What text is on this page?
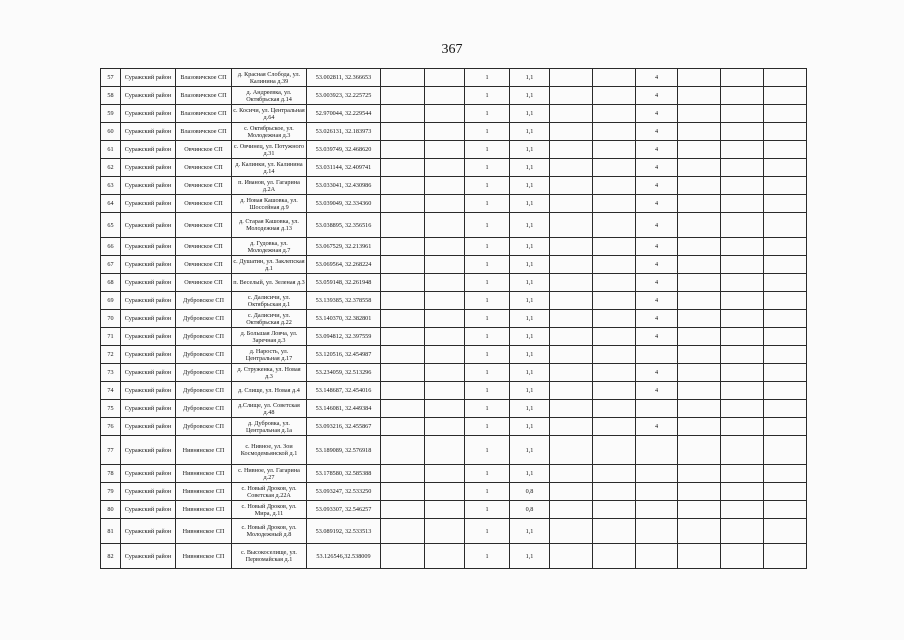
367
57	Суражский район	Влазовичское СП	д. Красная Слобода, ул. Калинина д.39	53.002811, 32.366653			1	1,1			4			
58	Суражский район	Влазовичское СП	д. Андреевка, ул. Октябрьская д.14	53.003923, 32.225725			1	1,1			4			
59	Суражский район	Влазовичское СП	с. Косичи, ул. Центральная д.64	52.970044, 32.229544			1	1,1			4			
60	Суражский район	Влазовичское СП	с. Октябрьское, ул. Молодежная д.3	53.026131, 32.183973			1	1,1			4			
61	Суражский район	Овчинское СП	с. Овчинец, ул. Потужного д.31	53.039749, 32.468620			1	1,1			4			
62	Суражский район	Овчинское СП	д. Калинки, ул. Калинина д.14	53.031144, 32.409741			1	1,1			4			
63	Суражский район	Овчинское СП	п. Иванов, ул. Гагарина д.2А	53.033041, 32.430986			1	1,1			4			
64	Суражский район	Овчинское СП	д. Новая Кашовка, ул. Шоссейная д.9	53.039049, 32.334360			1	1,1			4			
65	Суражский район	Овчинское СП	д. Старая Кашовка, ул. Молодежная д.13	53.038895, 32.356516			1	1,1			4			
66	Суражский район	Овчинское СП	д. Гудовка, ул. Молодежная д.7	53.067529, 32.213961			1	1,1			4			
67	Суражский район	Овчинское СП	с. Душатин, ул. Заклепская д.1	53.069564, 32.268224			1	1,1			4			
68	Суражский район	Овчинское СП	п. Веселый, ул. Зеленая д.3	53.059148, 32.261948			1	1,1			4			
69	Суражский район	Дубровское СП	с. Далисичи, ул. Октябрьская д.1	53.139385, 32.378558			1	1,1			4			
70	Суражский район	Дубровское СП	с. Далисичи, ул. Октябрьская д.22	53.140370, 32.382801			1	1,1			4			
71	Суражский район	Дубровское СП	д. Большая Ловча, ул. Заречная д.3	53.094812, 32.397559			1	1,1			4			
72	Суражский район	Дубровское СП	д. Нарость, ул. Центральная д.17	53.120516, 32.454987			1	1,1						
73	Суражский район	Дубровское СП	д. Струженка, ул. Новая д.3	53.234059, 32.513296			1	1,1			4			
74	Суражский район	Дубровское СП	д. Слище, ул. Новая д.4	53.148687, 32.454016			1	1,1			4			
75	Суражский район	Дубровское СП	д.Слище, ул. Советская д.48	53.146081, 32.449384			1	1,1						
76	Суражский район	Дубровское СП	д. Дубровка, ул. Центральная д.1а	53.093216, 32.455867			1	1,1			4			
77	Суражский район	Нивнянское СП	с. Нивное, ул. Зои Космодемьянской д.1	53.189089, 32.576918			1	1,1						
78	Суражский район	Нивнянское СП	с. Нивное, ул. Гагарина д.27	53.178580, 32.585388			1	1,1						
79	Суражский район	Нивнянское СП	с. Новый Дроков, ул. Советская д.22А	53.093247, 32.533250			1	0,8						
80	Суражский район	Нивнянское СП	с. Новый Дроков, ул. Мира, д.11	53.093307, 32.546257			1	0,8						
81	Суражский район	Нивнянское СП	с. Новый Дроков, ул. Молодежный д.8	53.089192, 32.533513			1	1,1						
82	Суражский район	Нивнянское СП	с. Высокоселище, ул. Первомайская д.1	53.126546,32.538009			1	1,1						
